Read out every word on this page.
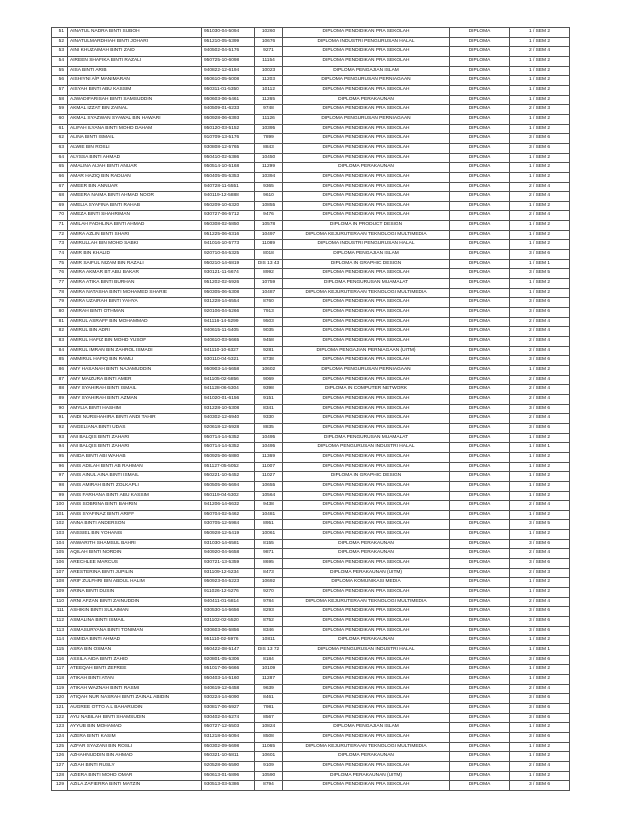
51	AINATUL NADRA BINTI SUBOH	951030-04-5094	10260	DIPLOMA PENDIDIKAN PRA SEKOLAH	DIPLOMA	1 / SEM 2
52	AINATULMARDHIAH BINTI JOHARI	951210-05-5399	10676	DIPLOMA INDUSTRI PENGURUSAN HALAL	DIPLOMA	1 / SEM 2
53	AINI KHUZAIMAH BINTI ZAID	940502-04-5176	9271	DIPLOMA PENDIDIKAN PRA SEKOLAH	DIPLOMA	2 / SEM 4
54	AIREEN SHAFIKA BINTI RAZALI	950725-10-6098	11154	DIPLOMA PENDIDIKAN PRA SEKOLAH	DIPLOMA	1 / SEM 2
55	AISA BINTI ARIB	940822-12-6194	10023	DIPLOMA PENGAJIAN ISLAM	DIPLOMA	1 / SEM 2
56	AISHIYNI A/P MANIMARAN	950610-05-5008	11203	DIPLOMA PENGURUSAN PERNIAGAAN	DIPLOMA	1 / SEM 2
57	AISYAH BINTI ABU KASSIM	950311-01-5350	10112	DIPLOMA PENDIDIKAN PRA SEKOLAH	DIPLOMA	1 / SEM 2
58	AJWADIFARISAH BINTI SAMSUDDIN	950603-06-5461	11265	DIPLOMA PERAKAUNAN	DIPLOMA	1 / SEM 2
59	AKMAL IZZAT BIN ZAINAL	940509-01-6233	9748	DIPLOMA PENDIDIKAN PRA SEKOLAH	DIPLOMA	2 / SEM 3
60	AKMAL SYAZWAN SYAWAL BIN HAWARI	950928-06-6393	11126	DIPLOMA PENGURUSAN PERNIAGAAN	DIPLOMA	1 / SEM 2
61	ALIFAH ILYANA BINTI MOHD DAHAM	950120-03-5152	10395	DIPLOMA PENDIDIKAN PRA SEKOLAH	DIPLOMA	1 / SEM 2
62	ALINA BINTI ISMAIL	910709-13-5176	7899	DIPLOMA PENDIDIKAN PRA SEKOLAH	DIPLOMA	3 / SEM 6
63	ALWIE BIN ROSLI	930808-12-5765	8843	DIPLOMA PENDIDIKAN PRA SEKOLAH	DIPLOMA	3 / SEM 6
64	ALYSSA BINTI AHMAD	950410-02-5386	10450	DIPLOMA PENDIDIKAN PRA SEKOLAH	DIPLOMA	1 / SEM 2
65	AMALINA AIJAH BINTI ANUAR	950514-10-5168	11299	DIPLOMA PERAKAUNAN	DIPLOMA	1 / SEM 2
66	AMAR HAZIQ BIN RADUAN	950405-05-5353	10394	DIPLOMA PENDIDIKAN PRA SEKOLAH	DIPLOMA	1 / SEM 2
67	AMEER BIN ANNUAR	940728-11-5551	9365	DIPLOMA PENDIDIKAN PRA SEKOLAH	DIPLOMA	2 / SEM 4
68	AMEERA NAIMA BINTI AHMAD NOOR	940119-12-5888	9610	DIPLOMA PENDIDIKAN PRA SEKOLAH	DIPLOMA	2 / SEM 4
69	AMELIA SYAFINA BINTI RAHAB	950209-10-6320	10855	DIPLOMA PENDIDIKAN PRA SEKOLAH	DIPLOMA	1 / SEM 2
70	AMEZA BINTI SHAHRIMAN	930727-06-5712	9476	DIPLOMA PENDIDIKAN PRA SEKOLAH	DIPLOMA	2 / SEM 4
71	AMILAH FADHLINA BINTI AHMAD	950308-02-5850	10578	DIPLOMA IN PRODUCT DESIGN	DIPLOMA	1 / SEM 2
72	AMIRA AZLIN BINTI SHARI	951225-06-6316	10497	DIPLOMA KEJURUTERAAN TEKNOLOGI MULTIMEDIA	DIPLOMA	1 / SEM 2
73	AMIRULLAH BIN MOHD SABKI	941016-10-5773	11089	DIPLOMA INDUSTRI PENGURUSAN HALAL	DIPLOMA	1 / SEM 2
74	AMIR BIN KHALID	920710-04-5325	8018	DIPLOMA PENGAJIAN ISLAM	DIPLOMA	3 / SEM 6
75	AMIR SAIFUL NIZAM BIN RAZALI	950210-14-6819	DIS 13 43	DIPLOMA IN GRAPHIC DESIGN	DIPLOMA	1 / SEM 1
76	AMIRA AKMAR BT ABU BAKAR	930121-11-5674	8992	DIPLOMA PENDIDIKAN PRA SEKOLAH	DIPLOMA	3 / SEM 5
77	AMIRA ATIKA BINTI BURHAN	951202-02-5926	10759	DIPLOMA PENGURUSAN MUAMALAT	DIPLOMA	1 / SEM 2
78	AMIRA NATASHA BINTI MOHAMED SHARIE	950305-06-5308	10487	DIPLOMA KEJURUTERAAN TEKNOLOGI MULTIMEDIA	DIPLOMA	1 / SEM 2
79	AMIRA UZAIRAH BINTI YAHYA	931228-14-6554	8760	DIPLOMA PENDIDIKAN PRA SEKOLAH	DIPLOMA	3 / SEM 6
80	AMIRAH BINTI OTHMAN	920106-04-5266	7913	DIPLOMA PENDIDIKAN PRA SEKOLAH	DIPLOMA	3 / SEM 6
81	AMIRUL ASRAFF BIN MOHAMMAD	941116-14-5299	9503	DIPLOMA PENDIDIKAN PRA SEKOLAH	DIPLOMA	2 / SEM 4
82	AMIRUL BIN ADRI	940615-11-5405	9035	DIPLOMA PENDIDIKAN PRA SEKOLAH	DIPLOMA	2 / SEM 4
83	AMIRUL HAFIZ BIN MOHD YUSOF	940610-03-5665	9458	DIPLOMA PENDIDIKAN PRA SEKOLAH	DIPLOMA	2 / SEM 4
84	AMIRUL IMRAN BIN ZAHROL ISMADI	941110-10-6327	9281	DIPLOMA PENGAJIAN PERNIAGAAN (UITM)	DIPLOMA	2 / SEM 4
85	AMMIRUL HAFIQ BIN RAMLI	930110-04-5321	8738	DIPLOMA PENDIDIKAN PRA SEKOLAH	DIPLOMA	3 / SEM 6
86	AMY HASANAH BINTI NAJAMUDDIN	950903-14-5658	10602	DIPLOMA PENGURUSAN PERNIAGAAN	DIPLOMA	1 / SEM 2
87	AMY MAIZURA BINTI AMER	941105-02-5856	9069	DIPLOMA PENDIDIKAN PRA SEKOLAH	DIPLOMA	2 / SEM 4
88	AMY SYAHIRAH BINTI ISMAIL	941128-06-5304	9398	DIPLOMA IN COMPUTER NETWORK	DIPLOMA	2 / SEM 4
89	AMY SYAHIRAH BINTI AZMAN	941020-01-6156	9151	DIPLOMA PENDIDIKAN PRA SEKOLAH	DIPLOMA	2 / SEM 4
90	AMYLIA BINTI HASHIM	931228-10-5308	8341	DIPLOMA PENDIDIKAN PRA SEKOLAH	DIPLOMA	3 / SEM 6
91	ANDI NURSHAHIRA BINTI ANDI TAHIR	940302-12-6940	9330	DIPLOMA PENDIDIKAN PRA SEKOLAH	DIPLOMA	2 / SEM 4
92	ANGELIANA BINTI UDAS	920618-12-5928	8835	DIPLOMA PENDIDIKAN PRA SEKOLAH	DIPLOMA	3 / SEM 6
93	ANI BALQIS BINTI ZAHARI	950714-14-5352	10495	DIPLOMA PENGURUSAN MUAMALAT	DIPLOMA	1 / SEM 2
94	ANI BALQIS BINTI ZAHARI	950714-14-5352	10495	DIPLOMA PENGURUSAN INDUSTRI HALAL	DIPLOMA	1 / SEM 1
95	ANIDA BINTI ABI WAHAB	950925-06-5880	11369	DIPLOMA PENDIDIKAN PRA SEKOLAH	DIPLOMA	1 / SEM 2
96	ANIS ADILAH BINTI AB RAHMAN	951127-05-5052	11007	DIPLOMA PENDIDIKAN PRA SEKOLAH	DIPLOMA	1 / SEM 2
97	ANIS AINUL AINA BINTI ISMAIL	950221-10-5452	11027	DIPLOMA IN GRAPHIC DESIGN	DIPLOMA	1 / SEM 2
98	ANIS AMIRAH BINTI ZOLKAPLI	950505-06-5694	10655	DIPLOMA PENDIDIKAN PRA SEKOLAH	DIPLOMA	1 / SEM 2
99	ANIS FARHANA BINTI ABU KASSIM	950119-04-5302	10564	DIPLOMA PENDIDIKAN PRA SEKOLAH	DIPLOMA	1 / SEM 2
100	ANIS SOBRINA BINTI BAHRIN	941206-14-6632	9438	DIPLOMA PENDIDIKAN PRA SEKOLAH	DIPLOMA	2 / SEM 4
101	ANIS SYAFINAZ BINTI ARIFF	950704-02-5462	10481	DIPLOMA PENDIDIKAN PRA SEKOLAH	DIPLOMA	1 / SEM 2
102	ANNA BINTI ANDERSON	930705-12-5984	8951	DIPLOMA PENDIDIKAN PRA SEKOLAH	DIPLOMA	3 / SEM 5
103	ANSSIEL BIN YOHANIS	950928-12-5419	10061	DIPLOMA PENDIDIKAN PRA SEKOLAH	DIPLOMA	1 / SEM 2
104	ANWARITH SHAMSUL BAHRI	931030-14-6581	8155	DIPLOMA PERAKAUNAN	DIPLOMA	3 / SEM 6
105	AQILAH BINTI NORDIN	940920-04-5658	9871	DIPLOMA PERAKAUNAN	DIPLOMA	2 / SEM 4
106	ARECHLEE MARCUS	930721-13-5359	8695	DIPLOMA PENDIDIKAN PRA SEKOLAH	DIPLOMA	3 / SEM 6
107	ARESTERINA BINTI JUPILIN	931109-12-5234	8473	DIPLOMA PERAKAUNAN (UITM)	DIPLOMA	2 / SEM 3
108	ARIF ZULFHRI BIN ABDUL HALIM	950923-04-5223	10692	DIPLOMA KOMUNIKASI MEDIA	DIPLOMA	1 / SEM 2
109	ARINA BINTI DUSIN	911026-12-5276	9270	DIPLOMA PENDIDIKAN PRA SEKOLAH	DIPLOMA	1 / SEM 2
110	ARNI AFZAN BINTI ZAINUDDIN	940411-01-5814	9784	DIPLOMA KEJURUTERAAN TEKNOLOGI MULTIMEDIA	DIPLOMA	2 / SEM 4
111	ASHIKIN BINTI SULAIMAN	930530-14-5656	8293	DIPLOMA PENDIDIKAN PRA SEKOLAH	DIPLOMA	3 / SEM 6
112	ASMALINA BINTI ISMAIL	931102-02-5520	8752	DIPLOMA PENDIDIKAN PRA SEKOLAH	DIPLOMA	3 / SEM 6
113	ASMASURYANA BINTI TONIMAN	930603-06-5856	8346	DIPLOMA PENDIDIKAN PRA SEKOLAH	DIPLOMA	3 / SEM 6
114	ASMIDA BINTI AHMAD	951110-02-5976	10811	DIPLOMA PERAKAUNAN	DIPLOMA	1 / SEM 2
115	ASRA BIN OSMAN	950422-08-5147	DIS 13 72	DIPLOMA PENGURUSAN INDUSTRI HALAL	DIPLOMA	1 / SEM 1
116	ASSILA AIDA BINTI ZAHID	920801-05-5306	8184	DIPLOMA PENDIDIKAN PRA SEKOLAH	DIPLOMA	3 / SEM 6
117	ATEEQAH BINTI ZEFREE	951017-06-5666	10109	DIPLOMA PENDIDIKAN PRA SEKOLAH	DIPLOMA	1 / SEM 2
118	ATIKAH BINTI ATAN	950403-14-5160	11287	DIPLOMA PENDIDIKAN PRA SEKOLAH	DIPLOMA	1 / SEM 2
119	ATIKAH WAZNAH BINTI RASMI	940619-12-6458	9639	DIPLOMA PENDIDIKAN PRA SEKOLAH	DIPLOMA	2 / SEM 4
120	ATIQAH NUR NASRAH BINTI ZAINAL ABIDIN	930224-14-6090	8461	DIPLOMA PENDIDIKAN PRA SEKOLAH	DIPLOMA	3 / SEM 6
121	AUGREE OTTO A.L BAHARUDIN	930817-06-5927	7981	DIPLOMA PENDIDIKAN PRA SEKOLAH	DIPLOMA	3 / SEM 6
122	AYU NABILAH BINTI SHAMSUDIN	930402-04-5274	8567	DIPLOMA PENDIDIKAN PRA SEKOLAH	DIPLOMA	3 / SEM 6
123	AYYUB BIN MOHAMAD	950727-12-5503	10824	DIPLOMA PENGAJIAN ISLAM	DIPLOMA	1 / SEM 2
124	AZERA BINTI KASIM	931218-04-5094	8508	DIPLOMA PENDIDIKAN PRA SEKOLAH	DIPLOMA	3 / SEM 6
125	AZFAR SYAZANI BIN ROSLI	950302-09-5698	11065	DIPLOMA KEJURUTERAAN TEKNOLOGI MULTIMEDIA	DIPLOMA	1 / SEM 2
126	AZHAHNUDDIN BIN AHMAD	950321-10-5811	10601	DIPLOMA PERAKAUNAN	DIPLOMA	1 / SEM 2
127	AZIAH BINTI RUSLY	920528-06-5590	9109	DIPLOMA PENDIDIKAN PRA SEKOLAH	DIPLOMA	2 / SEM 4
128	AZIERA BINTI MOHD OMAR	950613-01-5896	10590	DIPLOMA PERAKAUNAN (UITM)	DIPLOMA	1 / SEM 2
129	AZILA ZAFIERRA BINTI MATZIN	930513-03-5386	8794	DIPLOMA PENDIDIKAN PRA SEKOLAH	DIPLOMA	3 / SEM 6
